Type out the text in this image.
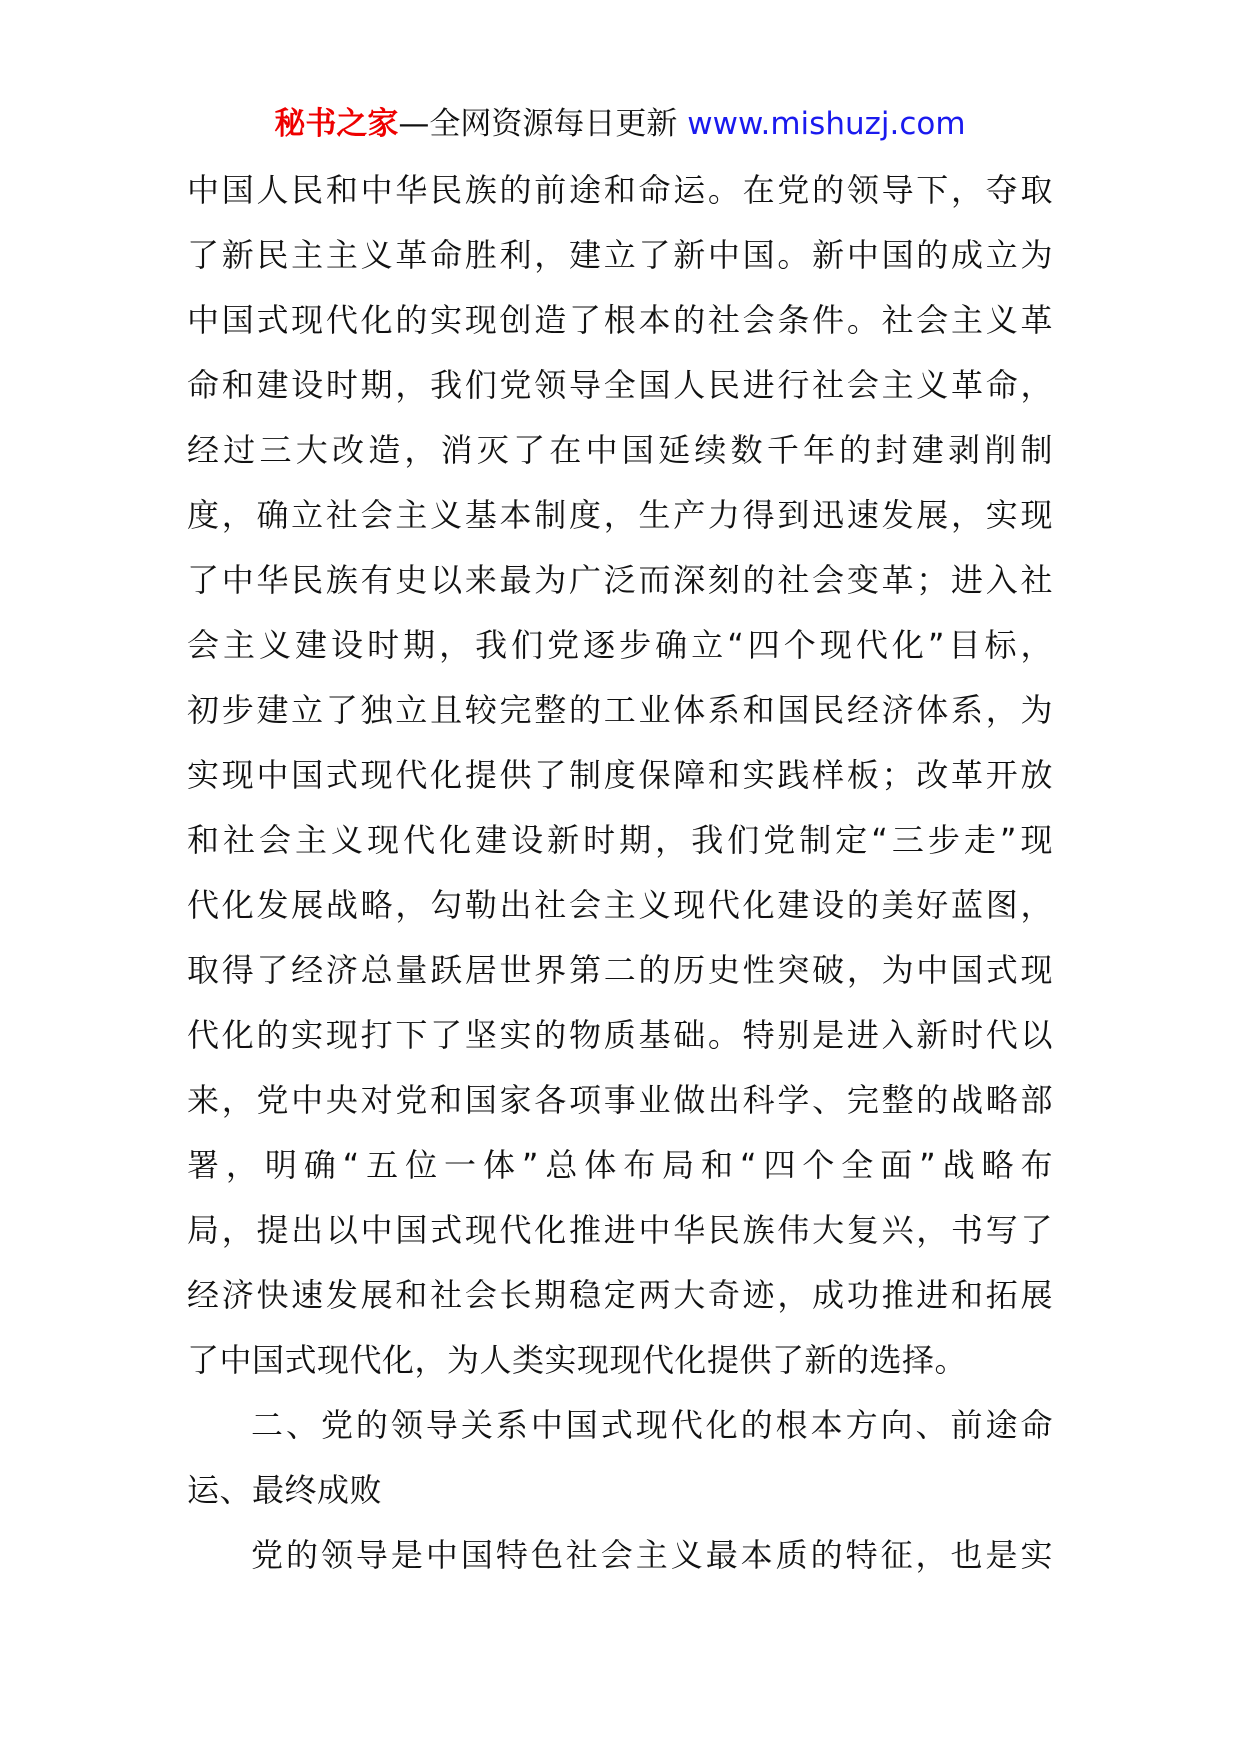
秘书之家—全网资源每日更新 www.mishuzj.com
中国人民和中华民族的前途和命运。在党的领导下，夺取
了新民主主义革命胜利，建立了新中国。新中国的成立为
中国式现代化的实现创造了根本的社会条件。社会主义革
命和建设时期，我们党领导全国人民进行社会主义革命，
经过三大改造，消灭了在中国延续数千年的封建剥削制
度，确立社会主义基本制度，生产力得到迅速发展，实现
了中华民族有史以来最为广泛而深刻的社会变革；进入社
会主义建设时期，我们党逐步确立“四个现代化”目标，
初步建立了独立且较完整的工业体系和国民经济体系，为
实现中国式现代化提供了制度保障和实践样板；改革开放
和社会主义现代化建设新时期，我们党制定“三步走”现
代化发展战略，勾勒出社会主义现代化建设的美好蓝图，
取得了经济总量跃居世界第二的历史性突破，为中国式现
代化的实现打下了坚实的物质基础。特别是进入新时代以
来，党中央对党和国家各项事业做出科学、完整的战略部
署，明确“五位一体”总体布局和“四个全面”战略布
局，提出以中国式现代化推进中华民族伟大复兴，书写了
经济快速发展和社会长期稳定两大奇迹，成功推进和拓展
了中国式现代化，为人类实现现代化提供了新的选择。
二、党的领导关系中国式现代化的根本方向、前途命
运、最终成败
党的领导是中国特色社会主义最本质的特征，也是实
